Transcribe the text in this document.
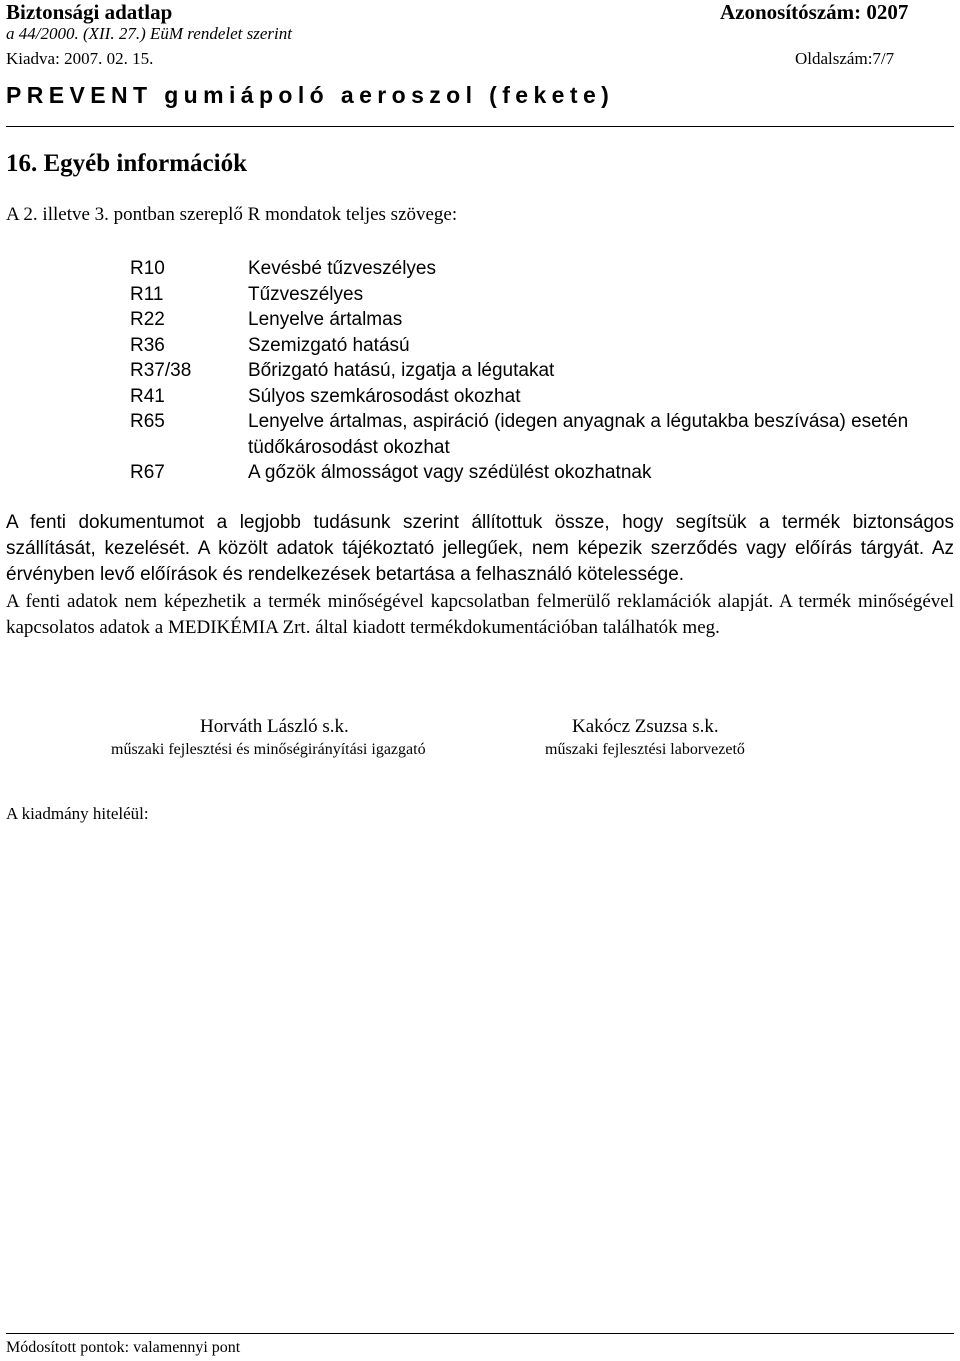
Biztonsági adatlap
a 44/2000. (XII. 27.) EüM rendelet szerint
Azonosítószám: 0207
Kiadva: 2007. 02. 15.	Oldalszám:7/7
PREVENT gumiápoló aeroszol (fekete)
16. Egyéb információk
A 2. illetve 3. pontban szereplő R mondatok teljes szövege:
R10	Kevésbé tűzveszélyes
R11	Tűzveszélyes
R22	Lenyelve ártalmas
R36	Szemizgató hatású
R37/38	Bőrizgató hatású, izgatja a légutakat
R41	Súlyos szemkárosodást okozhat
R65	Lenyelve ártalmas, aspiráció (idegen anyagnak a légutakba beszívása) esetén
tüdőkárosodást okozhat
R67	A gőzök álmosságot vagy szédülést okozhatnak
A fenti dokumentumot a legjobb tudásunk szerint állítottuk össze, hogy segítsük a termék biztonságos szállítását, kezelését. A közölt adatok tájékoztató jellegűek, nem képezik szerződés vagy előírás tárgyát. Az érvényben levő előírások és rendelkezések betartása a felhasználó kötelessége.
A fenti adatok nem képezhetik a termék minőségével kapcsolatban felmerülő reklamációk alapját. A termék minőségével kapcsolatos adatok a MEDIKÉMIA Zrt. által kiadott termékdokumentációban találhatók meg.
Horváth László s.k.
műszaki fejlesztési és minőségirányítási igazgató
Kakócz Zsuzsa s.k.
műszaki fejlesztési laborvezető
A kiadmány hiteléül:
Módosított pontok: valamennyi pont
